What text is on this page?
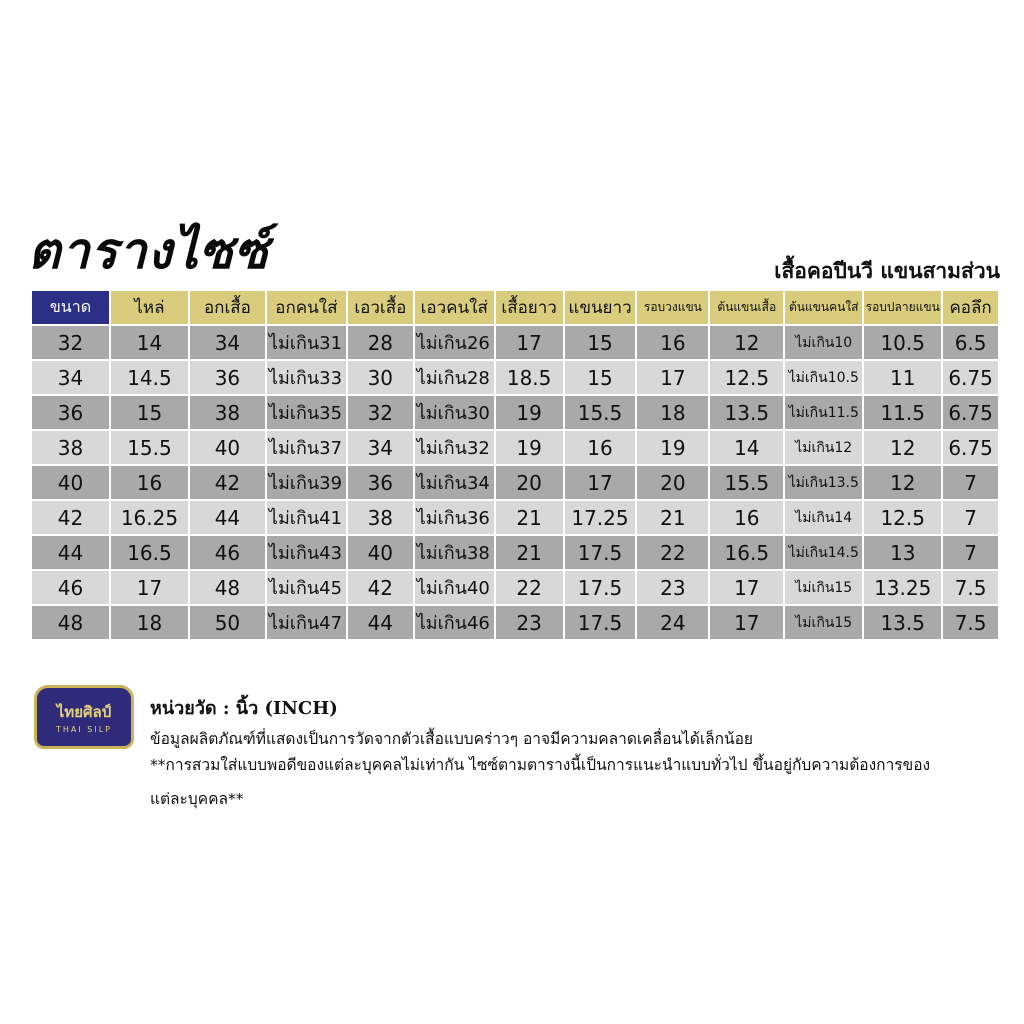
ตารางไซซ์	เสื้อคอปีนวี แขนสามส่วน
ขนาด	ไหล่	อกเสื้อ	อกคนใส่	เอวเสื้อ	เอวคนใส่	เสื้อยาว	แขนยาว	รอบวงแขน	ต้นแขนเสื้อ	ต้นแขนคนใส่	รอบปลายแขน	คอลึก
32	14	34	ไม่เกิน31	28	ไม่เกิน26	17	15	16	12	ไม่เกิน10	10.5	6.5
34	14.5	36	ไม่เกิน33	30	ไม่เกิน28	18.5	15	17	12.5	ไม่เกิน10.5	11	6.75
36	15	38	ไม่เกิน35	32	ไม่เกิน30	19	15.5	18	13.5	ไม่เกิน11.5	11.5	6.75
38	15.5	40	ไม่เกิน37	34	ไม่เกิน32	19	16	19	14	ไม่เกิน12	12	6.75
40	16	42	ไม่เกิน39	36	ไม่เกิน34	20	17	20	15.5	ไม่เกิน13.5	12	7
42	16.25	44	ไม่เกิน41	38	ไม่เกิน36	21	17.25	21	16	ไม่เกิน14	12.5	7
44	16.5	46	ไม่เกิน43	40	ไม่เกิน38	21	17.5	22	16.5	ไม่เกิน14.5	13	7
46	17	48	ไม่เกิน45	42	ไม่เกิน40	22	17.5	23	17	ไม่เกิน15	13.25	7.5
48	18	50	ไม่เกิน47	44	ไม่เกิน46	23	17.5	24	17	ไม่เกิน15	13.5	7.5
ไทยศิลป์
THAI SILP
หน่วยวัด : นิ้ว (INCH)
ข้อมูลผลิตภัณฑ์ที่แสดงเป็นการวัดจากตัวเสื้อแบบคร่าวๆ อาจมีความคลาดเคลื่อนได้เล็กน้อย
**การสวมใส่แบบพอดีของแต่ละบุคคลไม่เท่ากัน ไซซ์ตามตารางนี้เป็นการแนะนำแบบทั่วไป ขึ้นอยู่กับความต้องการของ
แต่ละบุคคล**
